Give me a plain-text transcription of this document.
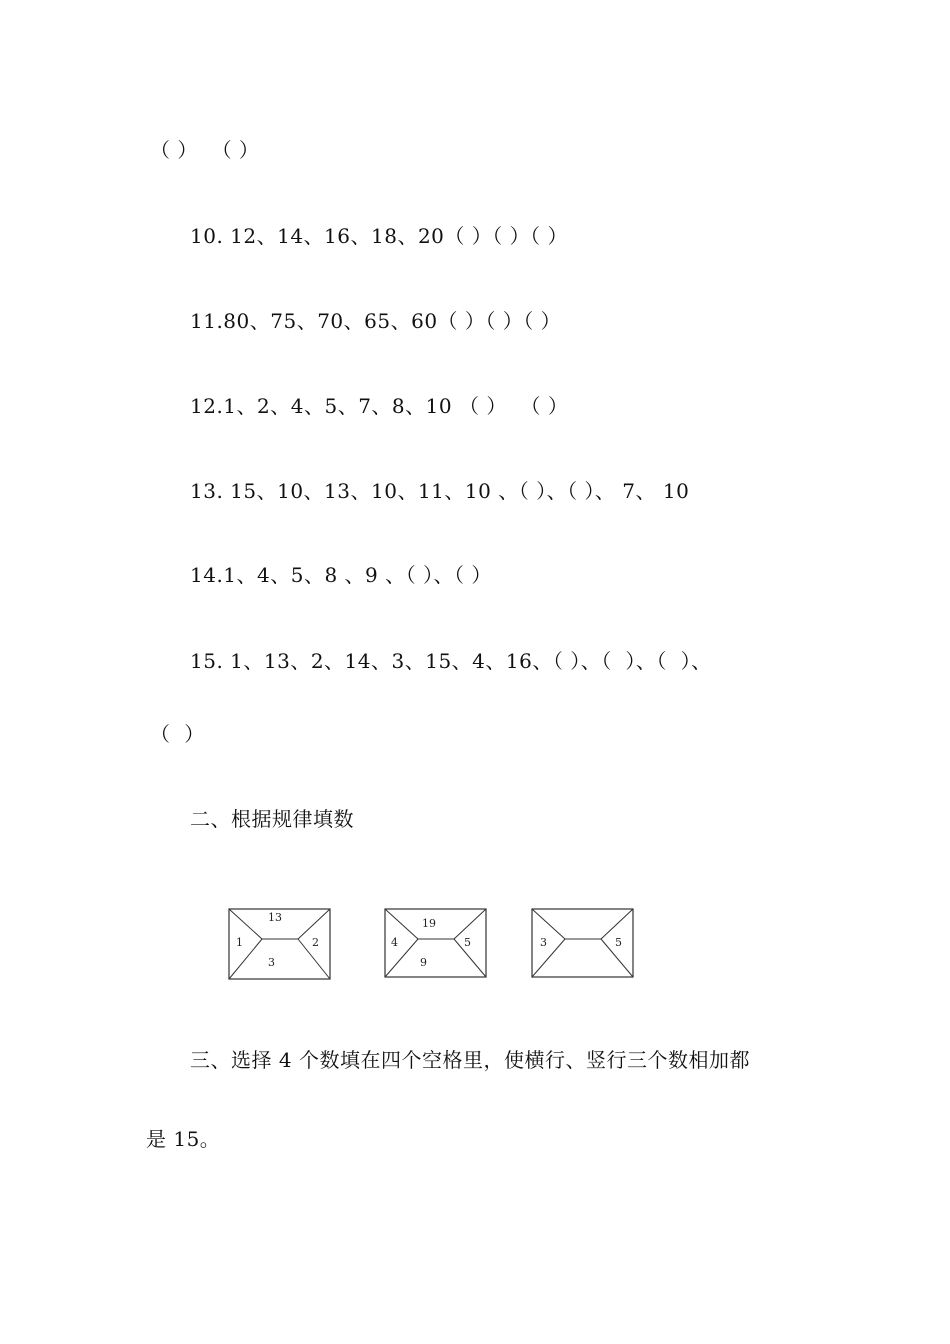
（ ）  （ ）
10. 12、14、16、18、20（ ）（ ）（ ）
11.80、75、70、65、60（ ）（ ）（ ）
12.1、2、4、5、7、8、10 （ ）  （ ）
13. 15、10、13、10、11、10 、（ ）、（ ）、 7、 10
14.1、4、5、8 、9 、（ ）、（ ）
15. 1、13、2、14、3、15、4、16、（ ）、（  ）、（  ）、
（  ）
二、根据规律填数
13
1	2
3
19
4	5
9
3	5
三、选择 4 个数填在四个空格里，使横行、竖行三个数相加都
是 15。
